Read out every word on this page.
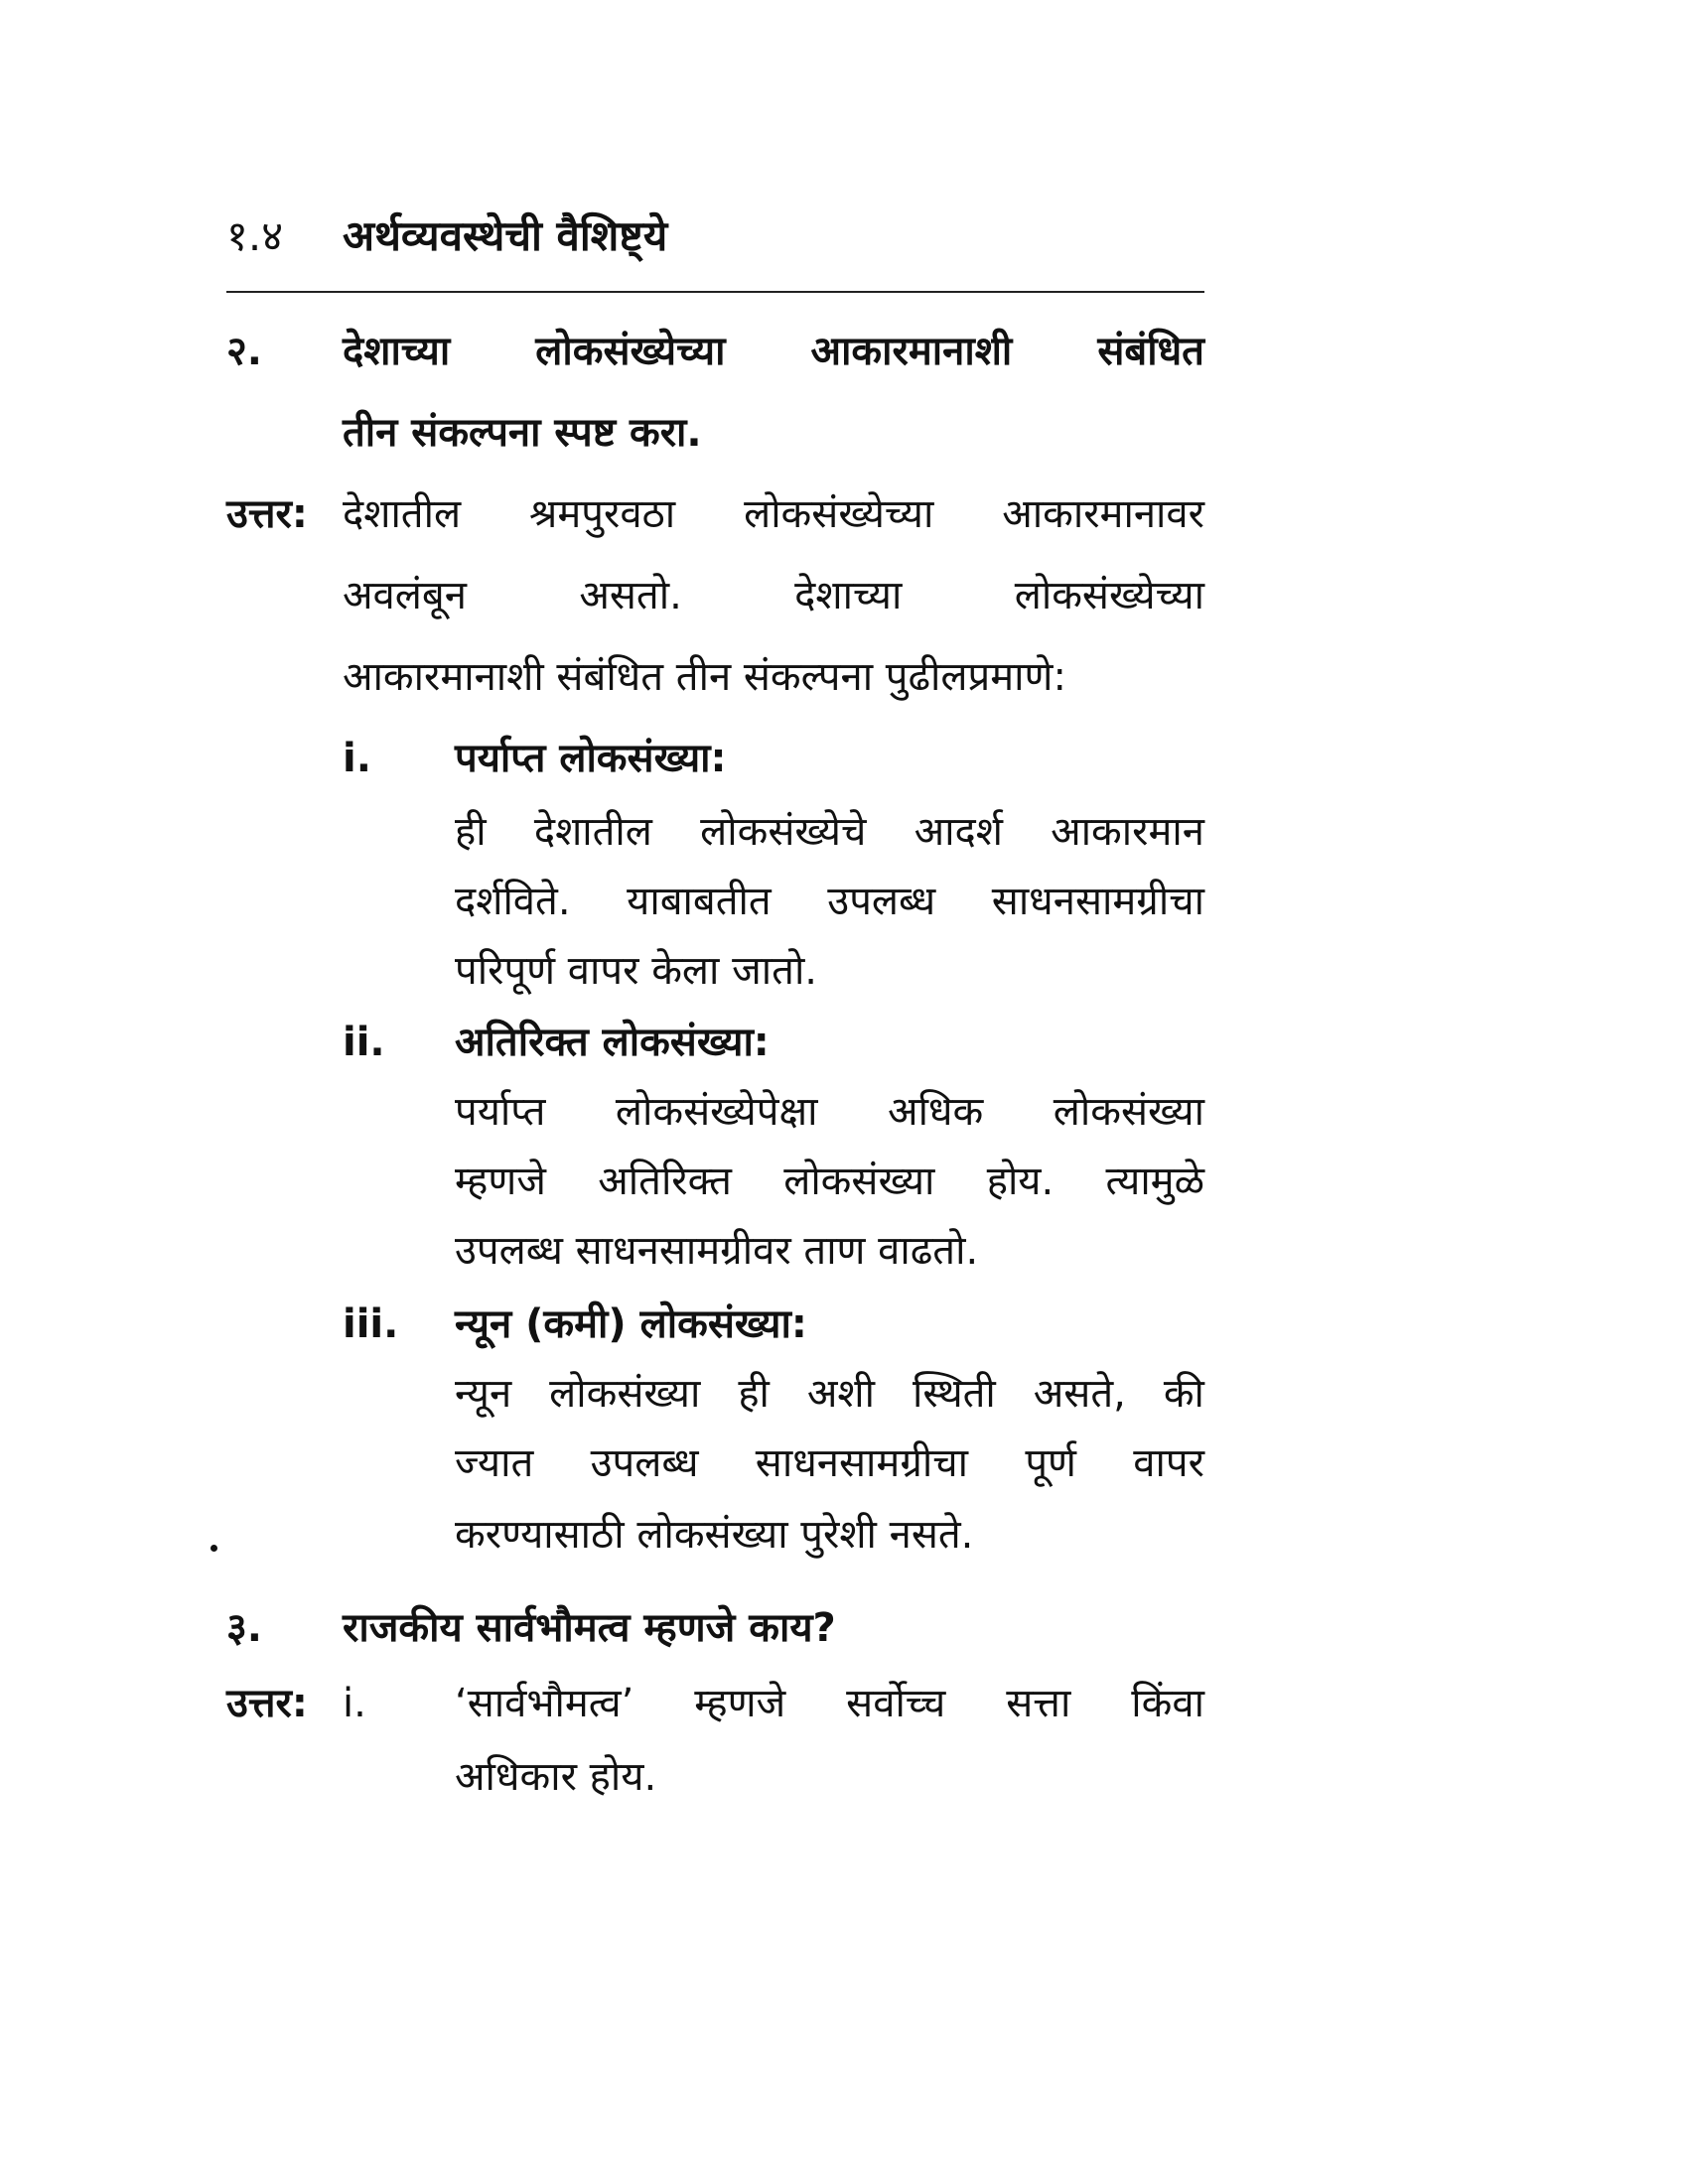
१.४ अर्थव्यवस्थेची वैशिष्ट्ये
२. देशाच्या लोकसंख्येच्या आकारमानाशी संबंधित
तीन संकल्पना स्पष्ट करा.
उत्तर: देशातील श्रमपुरवठा लोकसंख्येच्या आकारमानावर
अवलंबून	असतो.	देशाच्या	लोकसंख्येच्या
आकारमानाशी संबंधित तीन संकल्पना पुढीलप्रमाणे:
i. पर्याप्त लोकसंख्या:
ही देशातील लोकसंख्येचे आदर्श आकारमान
दर्शविते. याबाबतीत उपलब्ध साधनसामग्रीचा
परिपूर्ण वापर केला जातो.
ii. अतिरिक्त लोकसंख्या:
पर्याप्त लोकसंख्येपेक्षा अधिक लोकसंख्या
म्हणजे अतिरिक्त लोकसंख्या होय. त्यामुळे
उपलब्ध साधनसामग्रीवर ताण वाढतो.
iii. न्यून (कमी) लोकसंख्या:
न्यून लोकसंख्या ही अशी स्थिती असते, की
ज्यात उपलब्ध साधनसामग्रीचा पूर्ण वापर
करण्यासाठी लोकसंख्या पुरेशी नसते.
३. राजकीय सार्वभौमत्व म्हणजे काय?
उत्तर: i. ‘सार्वभौमत्व’ म्हणजे सर्वोच्च सत्ता किंवा
अधिकार होय.
